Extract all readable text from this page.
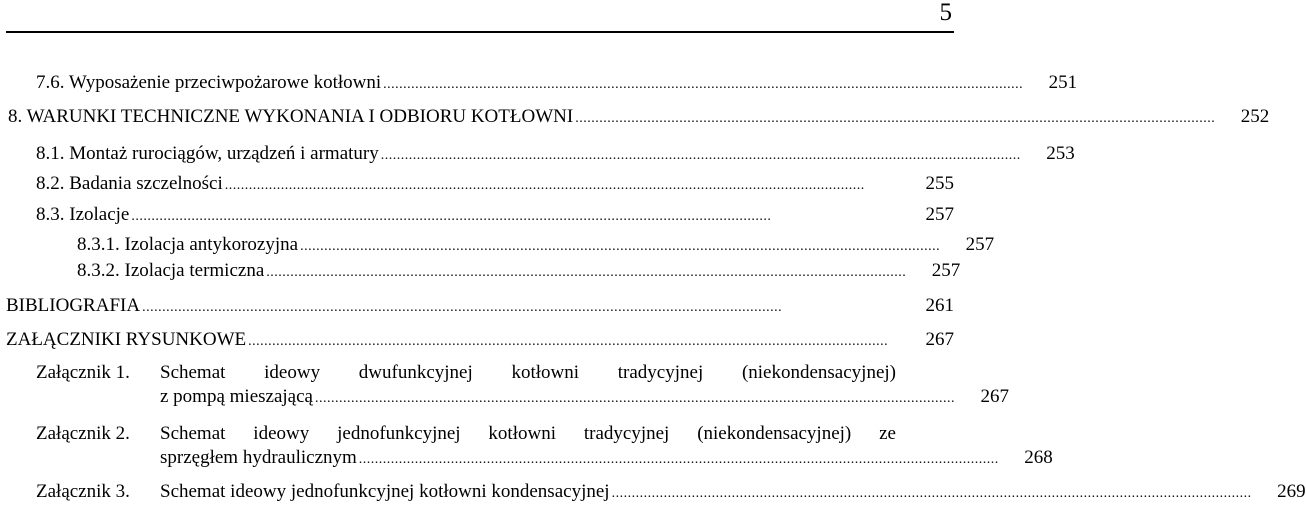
5
7.6. Wyposażenie przeciwpożarowe kotłowni ................................................................................................................................................................	251
8. WARUNKI TECHNICZNE WYKONANIA I ODBIORU KOTŁOWNI ................................................................................................................................................................	252
8.1. Montaż rurociągów, urządzeń i armatury ................................................................................................................................................................	253
8.2. Badania szczelności ................................................................................................................................................................	255
8.3. Izolacje ................................................................................................................................................................	257
8.3.1. Izolacja antykorozyjna ................................................................................................................................................................	257
8.3.2. Izolacja termiczna ................................................................................................................................................................	257
BIBLIOGRAFIA ................................................................................................................................................................	261
ZAŁĄCZNIKI RYSUNKOWE ................................................................................................................................................................	267
Załącznik 1.	Schemat ideowy dwufunkcyjnej kotłowni tradycyjnej (niekondensacyjnej)
z pompą mieszającą ................................................................................................................................................................	267
Załącznik 2.	Schemat ideowy jednofunkcyjnej kotłowni tradycyjnej (niekondensacyjnej) ze
sprzęgłem hydraulicznym ................................................................................................................................................................	268
Załącznik 3.	Schemat ideowy jednofunkcyjnej kotłowni kondensacyjnej ................................................................................................................................................................	269
